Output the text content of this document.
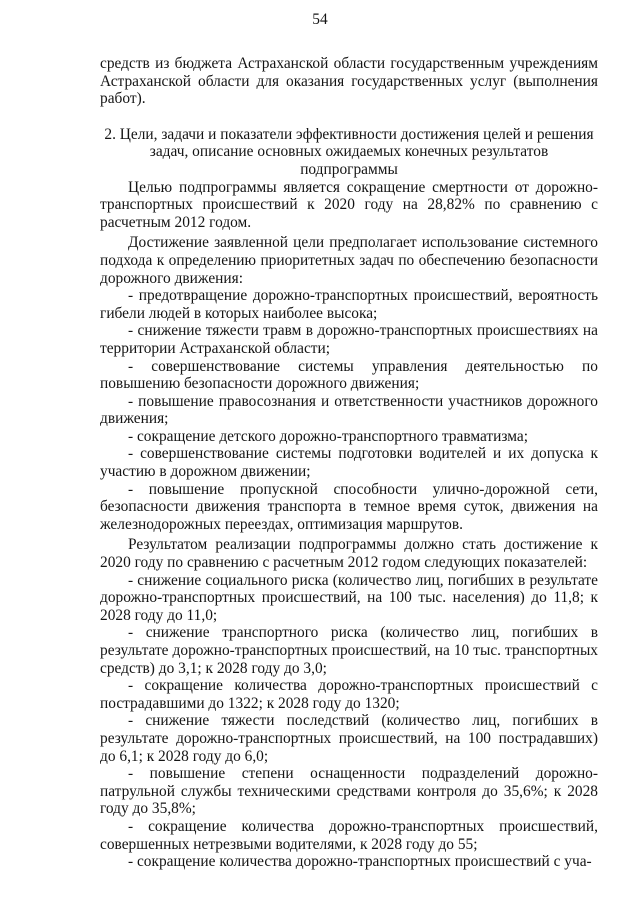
54

средств из бюджета Астраханской области государственным учреждениям Астраханской области для оказания государственных услуг (выполнения работ).

2. Цели, задачи и показатели эффективности достижения целей и решения задач, описание основных ожидаемых конечных результатов подпрограммы

Целью подпрограммы является сокращение смертности от дорожно-транспортных происшествий к 2020 году на 28,82% по сравнению с расчетным 2012 годом.

Достижение заявленной цели предполагает использование системного подхода к определению приоритетных задач по обеспечению безопасности дорожного движения:

- предотвращение дорожно-транспортных происшествий, вероятность гибели людей в которых наиболее высока;

- снижение тяжести травм в дорожно-транспортных происшествиях на территории Астраханской области;

- совершенствование системы управления деятельностью по повышению безопасности дорожного движения;

- повышение правосознания и ответственности участников дорожного движения;

- сокращение детского дорожно-транспортного травматизма;

- совершенствование системы подготовки водителей и их допуска к участию в дорожном движении;

- повышение пропускной способности улично-дорожной сети, безопасности движения транспорта в темное время суток, движения на железнодорожных переездах, оптимизация маршрутов.

Результатом реализации подпрограммы должно стать достижение к 2020 году по сравнению с расчетным 2012 годом следующих показателей:

- снижение социального риска (количество лиц, погибших в результате дорожно-транспортных происшествий, на 100 тыс. населения) до 11,8; к 2028 году до 11,0;

- снижение транспортного риска (количество лиц, погибших в результате дорожно-транспортных происшествий, на 10 тыс. транспортных средств) до 3,1; к 2028 году до 3,0;

- сокращение количества дорожно-транспортных происшествий с пострадавшими до 1322; к 2028 году до 1320;

- снижение тяжести последствий (количество лиц, погибших в результате дорожно-транспортных происшествий, на 100 пострадавших) до 6,1; к 2028 году до 6,0;

- повышение степени оснащенности подразделений дорожно-патрульной службы техническими средствами контроля до 35,6%; к 2028 году до 35,8%;

- сокращение количества дорожно-транспортных происшествий, совершенных нетрезвыми водителями, к 2028 году до 55;

- сокращение количества дорожно-транспортных происшествий с уча-
